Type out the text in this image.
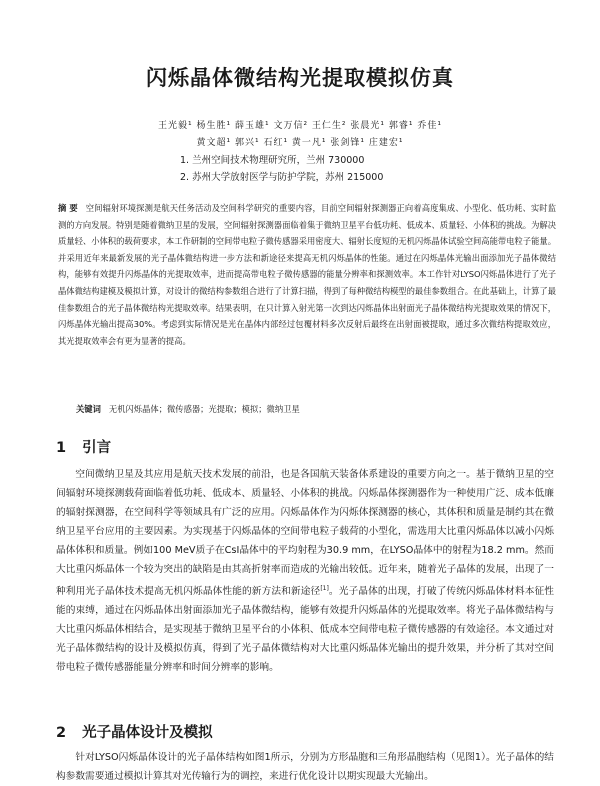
闪烁晶体微结构光提取模拟仿真
王光毅¹ 杨生胜¹ 薛玉雄¹ 文万信² 王仁生² 张晨光¹ 郭睿¹ 乔佳¹
黄文超¹ 郭兴¹ 石红¹ 黄一凡¹ 张剑锋¹ 庄建宏¹
1. 兰州空间技术物理研究所，兰州 730000
2. 苏州大学放射医学与防护学院，苏州 215000
摘 要 空间辐射环境探测是航天任务活动及空间科学研究的重要内容，目前空间辐射探测器正向着高度集成、小型化、低功耗、实时监测的方向发展。特别是随着微纳卫星的发展，空间辐射探测器面临着集于微纳卫星平台低功耗、低成本、质量轻、小体积的挑战。为解决质量轻、小体积的载荷要求，本工作研制的空间带电粒子微传感器采用密度大、辐射长度短的无机闪烁晶体试验空间高能带电粒子能量。并采用近年来最新发展的光子晶体微结构进一步方法和新途径来提高无机闪烁晶体的性能。通过在闪烁晶体光输出面添加光子晶体微结构，能够有效提升闪烁晶体的光提取效率，进而提高带电粒子微传感器的能量分辨率和探测效率。本工作针对LYSO闪烁晶体进行了光子晶体微结构建模及模拟计算，对设计的微结构参数组合进行了计算扫描，得到了每种微结构模型的最佳参数组合。在此基础上，计算了最佳参数组合的光子晶体微结构光提取效率。结果表明，在只计算入射光第一次到达闪烁晶体出射面光子晶体微结构光提取效果的情况下，闪烁晶体光输出提高30%。考虑到实际情况是光在晶体内部经过包覆材料多次反射后最终在出射面被提取，通过多次微结构提取效应，其光提取效率会有更为显著的提高。
关键词 无机闪烁晶体；微传感器；光提取；模拟；微纳卫星
1 引言
空间微纳卫星及其应用是航天技术发展的前沿，也是各国航天装备体系建设的重要方向之一。基于微纳卫星的空间辐射环境探测载荷面临着低功耗、低成本、质量轻、小体积的挑战。闪烁晶体探测器作为一种使用广泛、成本低廉的辐射探测器，在空间科学等领域具有广泛的应用。闪烁晶体作为闪烁体探测器的核心，其体积和质量是制约其在微纳卫星平台应用的主要因素。为实现基于闪烁晶体的空间带电粒子载荷的小型化，需选用大比重闪烁晶体以减小闪烁晶体体积和质量。例如100 MeV质子在CsI晶体中的平均射程为30.9 mm，在LYSO晶体中的射程为18.2 mm。然而大比重闪烁晶体一个较为突出的缺陷是由其高折射率而造成的光输出较低。近年来，随着光子晶体的发展，出现了一种利用光子晶体技术提高无机闪烁晶体性能的新方法和新途径[1]。光子晶体的出现，打破了传统闪烁晶体材料本征性能的束缚，通过在闪烁晶体出射面添加光子晶体微结构，能够有效提升闪烁晶体的光提取效率。将光子晶体微结构与大比重闪烁晶体相结合，是实现基于微纳卫星平台的小体积、低成本空间带电粒子微传感器的有效途径。本文通过对光子晶体微结构的设计及模拟仿真，得到了光子晶体微结构对大比重闪烁晶体光输出的提升效果，并分析了其对空间带电粒子微传感器能量分辨率和时间分辨率的影响。
2 光子晶体设计及模拟
针对LYSO闪烁晶体设计的光子晶体结构如图1所示，分别为方形晶胞和三角形晶胞结构（见图1）。光子晶体的结构参数需要通过模拟计算其对光传输行为的调控，来进行优化设计以期实现最大光输出。
